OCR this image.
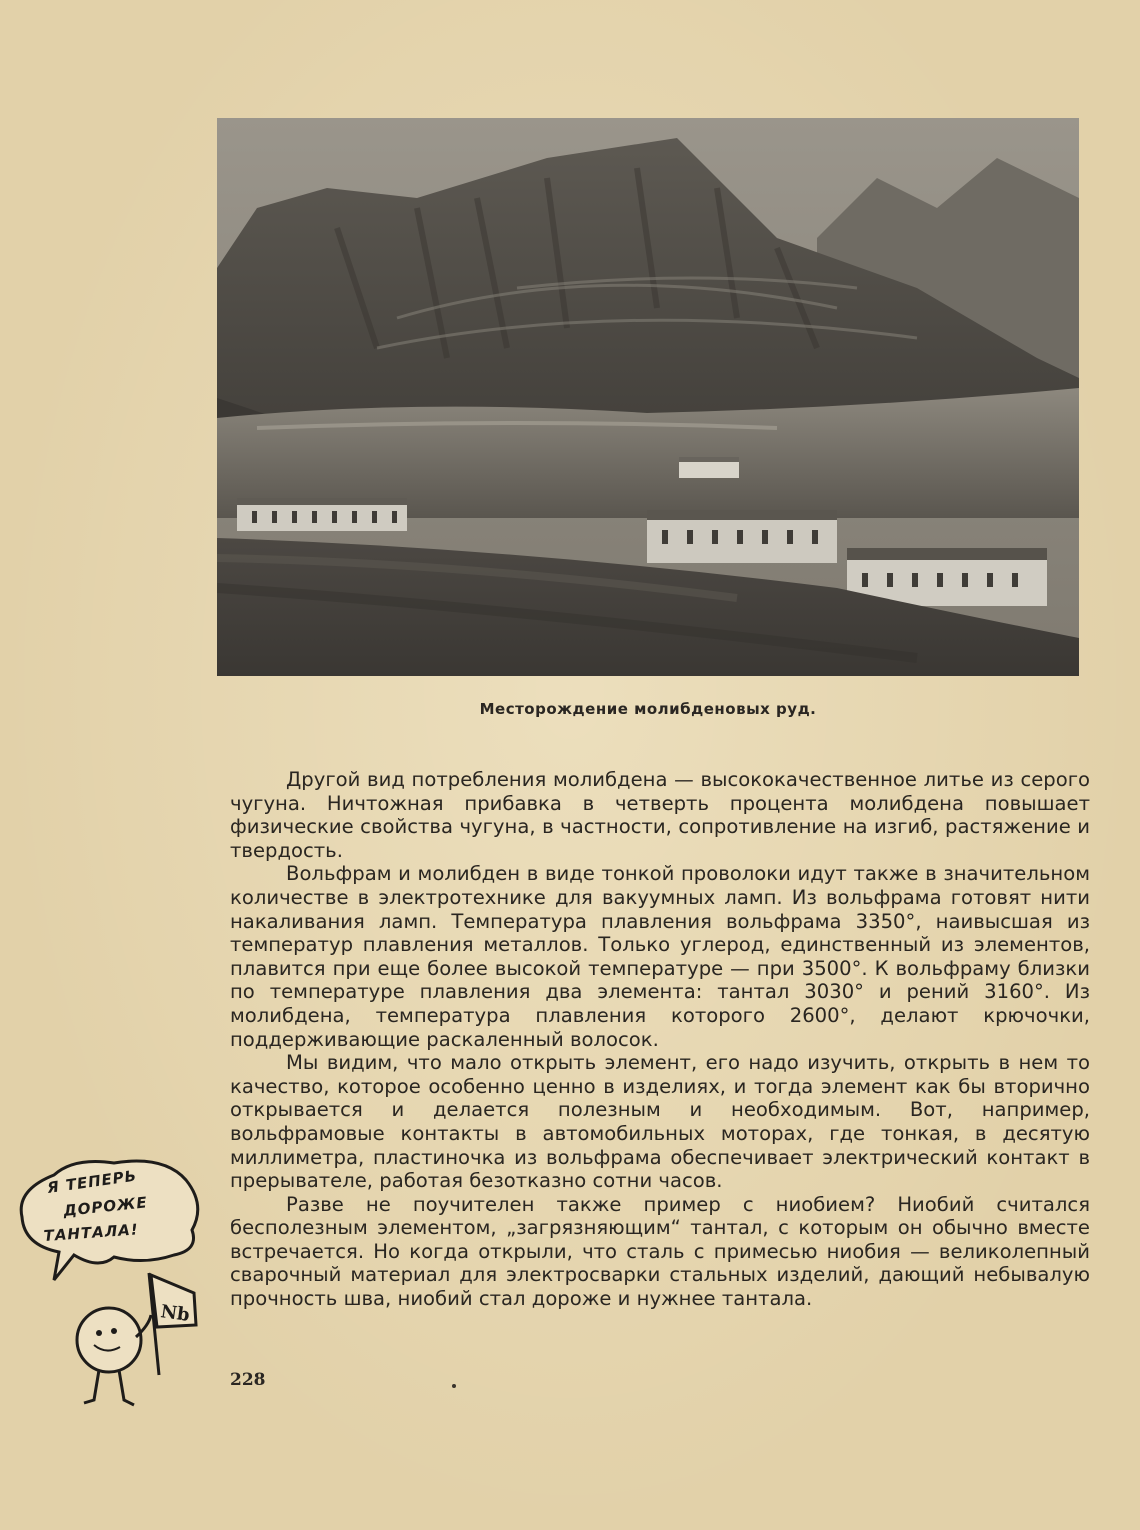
Месторождение молибденовых руд.

Другой вид потребления молибдена — высококачественное литье из серого чугуна. Ничтожная прибавка в четверть процента молибдена повышает физические свойства чугуна, в частности, сопротивление на изгиб, растяжение и твердость.

Вольфрам и молибден в виде тонкой проволоки идут также в значительном количестве в электротехнике для вакуумных ламп. Из вольфрама готовят нити накаливания ламп. Температура плавления вольфрама 3350°, наивысшая из температур плавления металлов. Только углерод, единственный из элементов, плавится при еще более высокой температуре — при 3500°. К вольфраму близки по температуре плавления два элемента: тантал 3030° и рений 3160°. Из молибдена, температура плавления которого 2600°, делают крючочки, поддерживающие раскаленный волосок.

Мы видим, что мало открыть элемент, его надо изучить, открыть в нем то качество, которое особенно ценно в изделиях, и тогда элемент как бы вторично открывается и делается полезным и необходимым. Вот, например, вольфрамовые контакты в автомобильных моторах, где тонкая, в десятую миллиметра, пластиночка из вольфрама обеспечивает электрический контакт в прерывателе, работая безотказно сотни часов.

Разве не поучителен также пример с ниобием? Ниобий считался бесполезным элементом, „загрязняющим“ тантал, с которым он обычно вместе встречается. Но когда открыли, что сталь с примесью ниобия — великолепный сварочный материал для электросварки стальных изделий, дающий небывалую прочность шва, ниобий стал дороже и нужнее тантала.

Я ТЕПЕРЬ
ДОРОЖЕ
ТАНТАЛА!
Nb
228
